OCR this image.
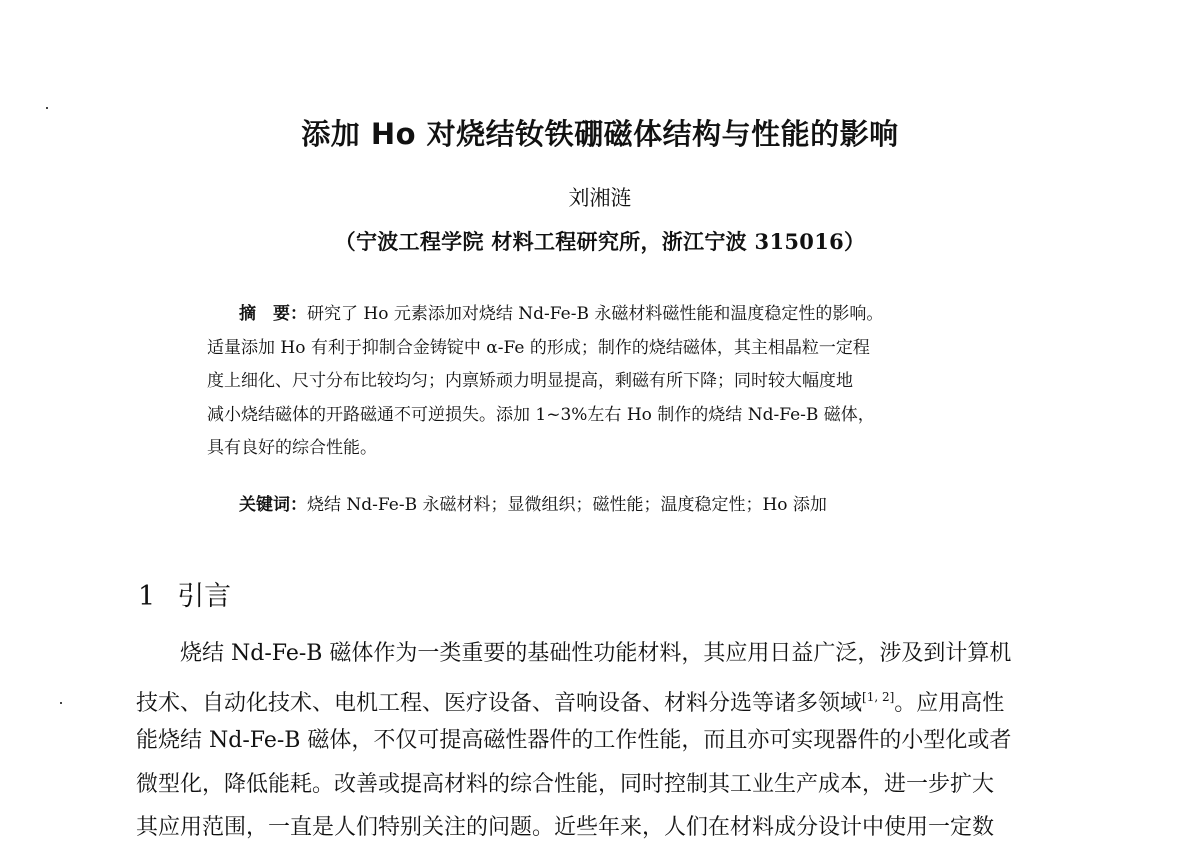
添加 Ho 对烧结钕铁硼磁体结构与性能的影响
刘湘涟
（宁波工程学院 材料工程研究所，浙江宁波 315016）
摘　要：研究了 Ho 元素添加对烧结 Nd-Fe-B 永磁材料磁性能和温度稳定性的影响。
适量添加 Ho 有利于抑制合金铸锭中 α-Fe 的形成；制作的烧结磁体，其主相晶粒一定程
度上细化、尺寸分布比较均匀；内禀矫顽力明显提高，剩磁有所下降；同时较大幅度地
减小烧结磁体的开路磁通不可逆损失。添加 1~3%左右 Ho 制作的烧结 Nd-Fe-B 磁体，
具有良好的综合性能。
关键词：烧结 Nd-Fe-B 永磁材料；显微组织；磁性能；温度稳定性；Ho 添加
1 引言
烧结 Nd-Fe-B 磁体作为一类重要的基础性功能材料，其应用日益广泛，涉及到计算机
技术、自动化技术、电机工程、医疗设备、音响设备、材料分选等诸多领域[1, 2]。应用高性
能烧结 Nd-Fe-B 磁体，不仅可提高磁性器件的工作性能，而且亦可实现器件的小型化或者
微型化，降低能耗。改善或提高材料的综合性能，同时控制其工业生产成本，进一步扩大
其应用范围，一直是人们特别关注的问题。近些年来，人们在材料成分设计中使用一定数
